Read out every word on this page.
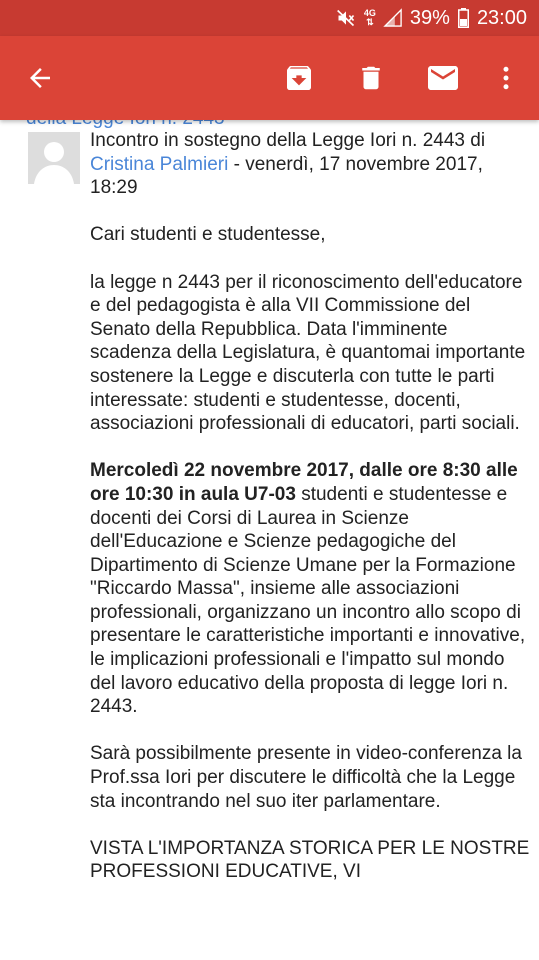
4G
⇅ 39% 23:00

Incontro in sostegno della Legge Iori n. 2443 di Cristina Palmieri - venerdì, 17 novembre 2017, 18:29

Cari studenti e studentesse,

la legge n 2443 per il riconoscimento dell'educatore e del pedagogista è alla VII Commissione del Senato della Repubblica. Data l'imminente scadenza della Legislatura, è quantomai importante sostenere la Legge e discuterla con tutte le parti interessate: studenti e studentesse, docenti, associazioni professionali di educatori, parti sociali.

Mercoledì 22 novembre 2017, dalle ore 8:30 alle ore 10:30 in aula U7-03 studenti e studentesse e docenti dei Corsi di Laurea in Scienze dell'Educazione e Scienze pedagogiche del Dipartimento di Scienze Umane per la Formazione "Riccardo Massa", insieme alle associazioni professionali, organizzano un incontro allo scopo di presentare le caratteristiche importanti e innovative, le implicazioni professionali e l'impatto sul mondo del lavoro educativo della proposta di legge Iori n. 2443.

Sarà possibilmente presente in video-conferenza la Prof.ssa Iori per discutere le difficoltà che la Legge sta incontrando nel suo iter parlamentare.

VISTA L'IMPORTANZA STORICA PER LE NOSTRE PROFESSIONI EDUCATIVE, VI
